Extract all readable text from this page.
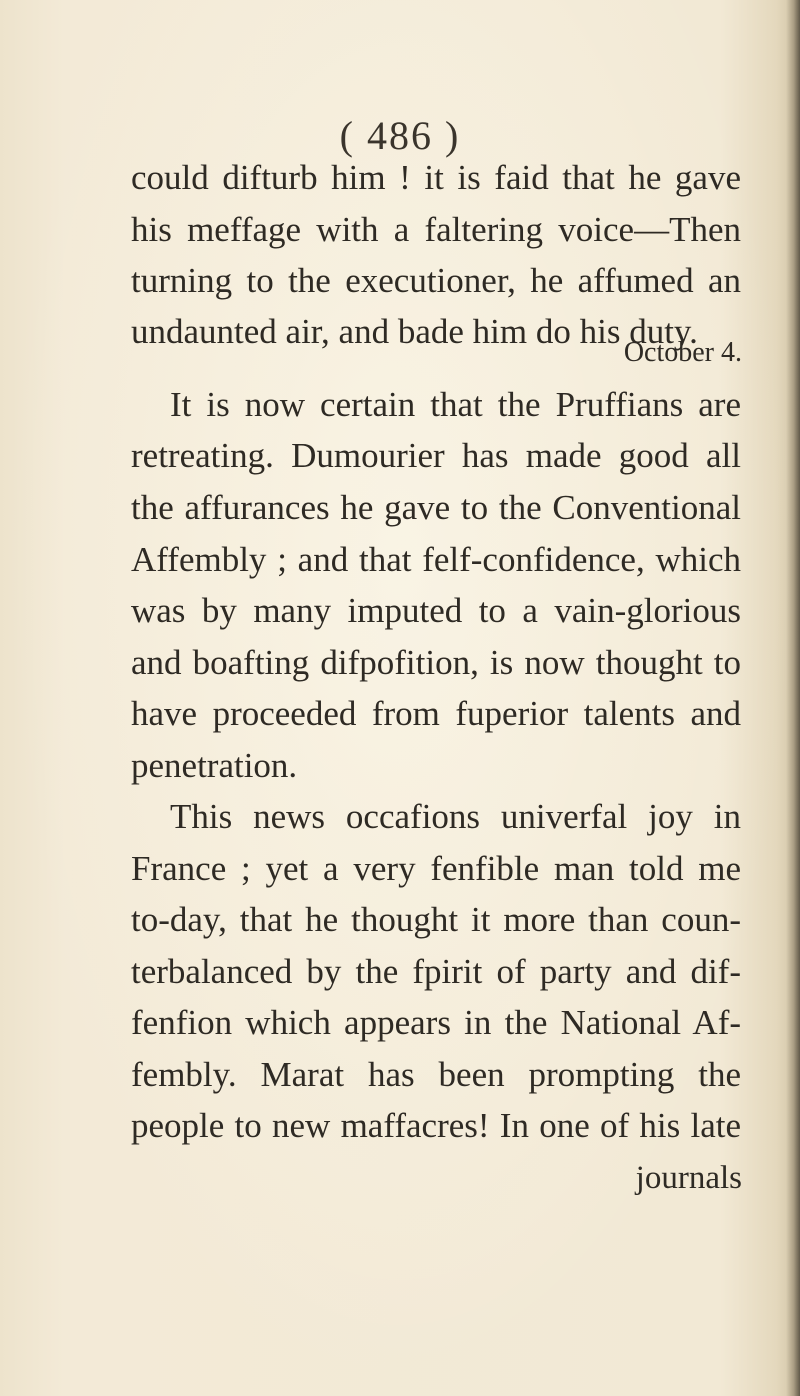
( 486 )
could difturb him ! it is faid that he gave
his meffage with a faltering voice—Then
turning to the executioner, he affumed an
undaunted air, and bade him do his duty.
October 4.
It is now certain that the Pruffians are
retreating. Dumourier has made good all
the affurances he gave to the Conventional
Affembly ; and that felf-confidence, which
was by many imputed to a vain-glorious
and boafting difpofition, is now thought to
have proceeded from fuperior talents and
penetration.
This news occafions univerfal joy in
France ; yet a very fenfible man told me
to-day, that he thought it more than coun-
terbalanced by the fpirit of party and dif-
fenfion which appears in the National Af-
fembly. Marat has been prompting the
people to new maffacres! In one of his late
journals
